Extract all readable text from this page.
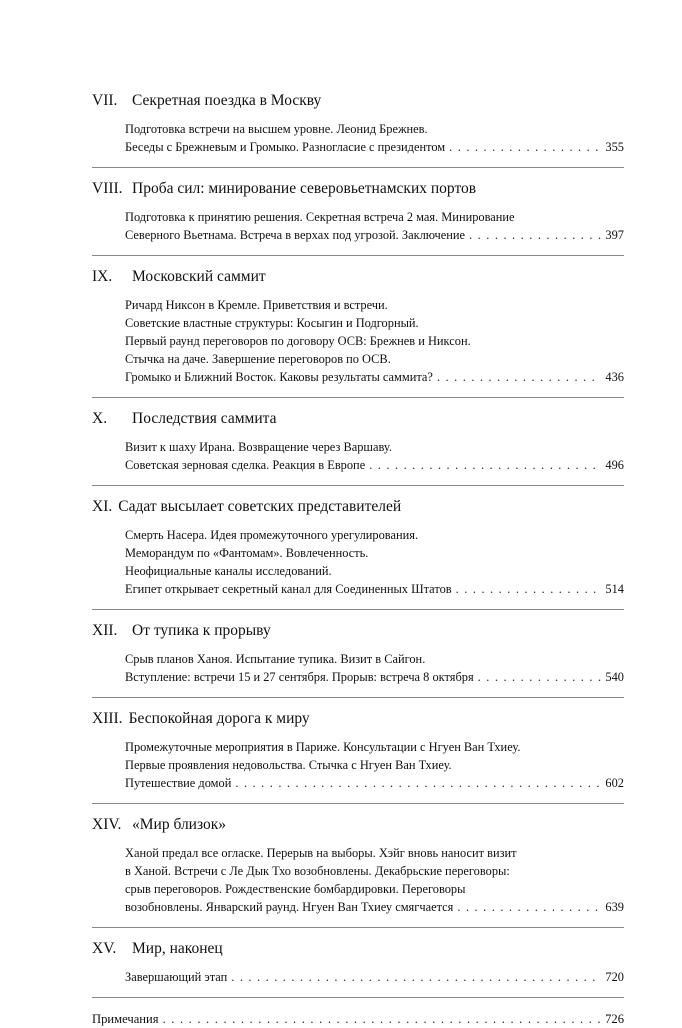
VII. Секретная поездка в Москву
Подготовка встречи на высшем уровне. Леонид Брежнев.
Беседы с Брежневым и Громыко. Разногласие с президентом . . .	355
VIII. Проба сил: минирование северовьетнамских портов
Подготовка к принятию решения. Секретная встреча 2 мая. Минирование
Северного Вьетнама. Встреча в верхах под угрозой. Заключение . . .	397
IX.	Московский саммит
Ричард Никсон в Кремле. Приветствия и встречи.
Советские властные структуры: Косыгин и Подгорный.
Первый раунд переговоров по договору ОСВ: Брежнев и Никсон.
Стычка на даче. Завершение переговоров по ОСВ.
Громыко и Ближний Восток. Каковы результаты саммита? . . .	436
X.	Последствия саммита
Визит к шаху Ирана. Возвращение через Варшаву.
Советская зерновая сделка. Реакция в Европе . . .	496
XI. Садат высылает советских представителей
Смерть Насера. Идея промежуточного урегулирования.
Меморандум по «Фантомам». Вовлеченность.
Неофициальные каналы исследований.
Египет открывает секретный канал для Соединенных Штатов . . .	514
XII. От тупика к прорыву
Срыв планов Ханоя. Испытание тупика. Визит в Сайгон.
Вступление: встречи 15 и 27 сентября. Прорыв: встреча 8 октября . . .	540
XIII. Беспокойная дорога к миру
Промежуточные мероприятия в Париже. Консультации с Нгуен Ван Тхиеу.
Первые проявления недовольства. Стычка с Нгуен Ван Тхиеу.
Путешествие домой . . .	602
XIV. «Мир близок»
Ханой предал все огласке. Перерыв на выборы. Хэйг вновь наносит визит
в Ханой. Встречи с Ле Дык Тхо возобновлены. Декабрьские переговоры:
срыв переговоров. Рождественские бомбардировки. Переговоры
возобновлены. Январский раунд. Нгуен Ван Тхиеу смягчается . . .	639
XV.	Мир, наконец
Завершающий этап . . .	720
Примечания . . .	726
